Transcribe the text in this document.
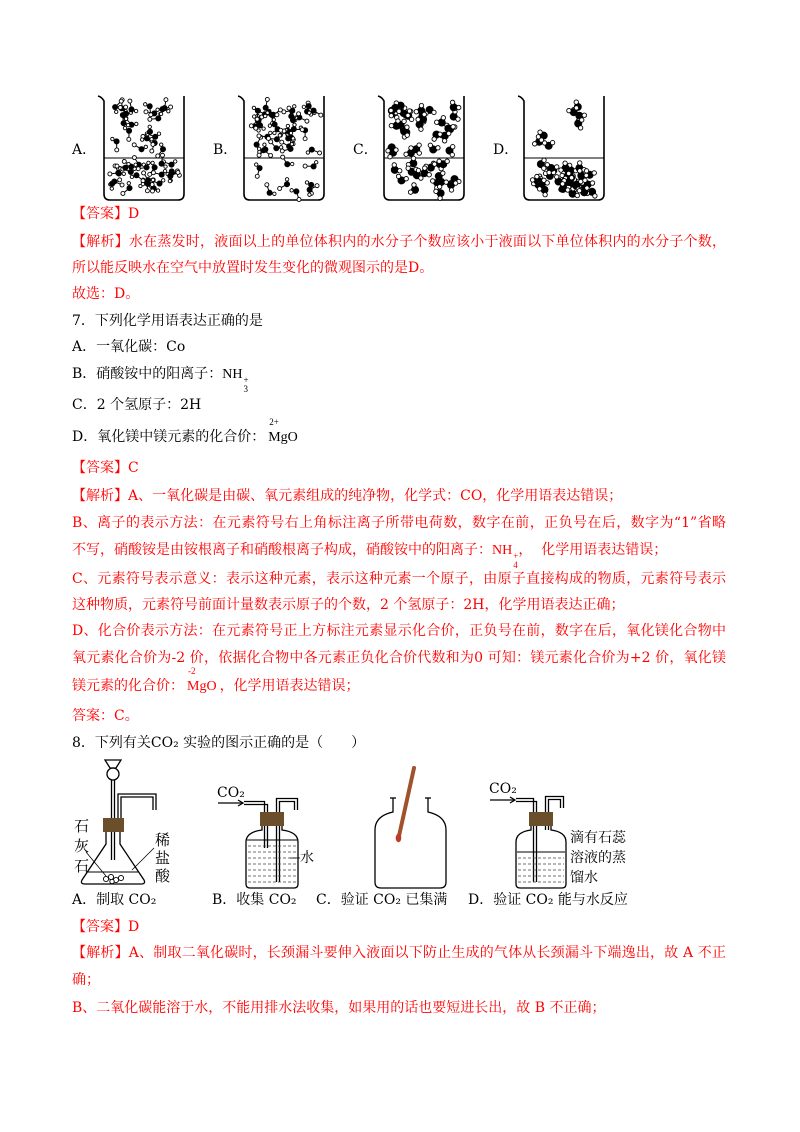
A．	B．	C．	D．
【答案】D
【解析】水在蒸发时，液面以上的单位体积内的水分子个数应该小于液面以下单位体积内的水分子个数，
所以能反映水在空气中放置时发生变化的微观图示的是D。
故选：D。
7．下列化学用语表达正确的是
A．一氧化碳：Co
B．硝酸铵中的阳离子：NH +
3
C．2 个氢原子：2H
D．氧化镁中镁元素的化合价：
2+
MgO
【答案】C
【解析】A、一氧化碳是由碳、氧元素组成的纯净物，化学式：CO，化学用语表达错误；
B、离子的表示方法：在元素符号右上角标注离子所带电荷数，数字在前，正负号在后，数字为“1”省略
不写，硝酸铵是由铵根离子和硝酸根离子构成，硝酸铵中的阳离子：NH +
4
，  化学用语表达错误；
C、元素符号表示意义：表示这种元素，表示这种元素一个原子，由原子直接构成的物质，元素符号表示
这种物质，元素符号前面计量数表示原子的个数，2 个氢原子：2H，化学用语表达正确；
D、化合价表示方法：在元素符号正上方标注元素显示化合价，正负号在前，数字在后，氧化镁化合物中
氧元素化合价为-2 价，依据化合物中各元素正负化合价代数和为0 可知：镁元素化合价为+2 价，氧化镁
镁元素的化合价：
-2
MgO ，化学用语表达错误；
答案：C。
8．下列有关CO₂ 实验的图示正确的是（　　）
石灰石	稀盐酸
CO₂
水
CO₂
滴有石蕊
溶液的蒸
馏水
A．制取 CO₂	B．收集 CO₂ C．验证 CO₂ 已集满 D．验证 CO₂ 能与水反应
【答案】D
【解析】A、制取二氧化碳时，长颈漏斗要伸入液面以下防止生成的气体从长颈漏斗下端逸出，故 A 不正
确；
B、二氧化碳能溶于水，不能用排水法收集，如果用的话也要短进长出，故 B 不正确；
